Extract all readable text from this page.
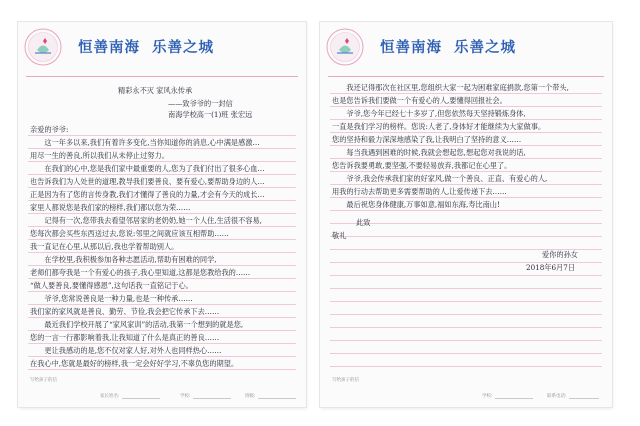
恒善南海 乐善之城
精彩永不灭 家风永传承
——致爷爷的一封信
南海学校高一(1)班 张宏远
亲爱的爷爷:
　　这一年多以来,我们有着许多变化,当你知道你的消息,心中满是感激…
用尽一生的善良,所以我们从未停止过努力。
　　在我们的心中,您是我们家中最重要的人,您为了我们付出了很多心血…
也告诉我们为人处世的道理,教导我们要善良、要有爱心,要帮助身边的人…
正是因为有了您的言传身教,我们才懂得了善良的力量,才会有今天的成长…
家里人都说您是我们家的榜样,我们都以您为荣……
　　记得有一次,您带我去看望邻居家的老奶奶,她一个人住,生活很不容易,
您每次都会买些东西送过去,您说:邻里之间就应该互相帮助……
我一直记在心里,从那以后,我也学着帮助别人。
　　在学校里,我积极参加各种志愿活动,帮助有困难的同学,
老师们都夸我是一个有爱心的孩子,我心里知道,这都是您教给我的……
“做人要善良,要懂得感恩”,这句话我一直铭记于心。
　　爷爷,您常说善良是一种力量,也是一种传承……
我们家的家风就是善良、勤劳、节俭,我会把它传承下去……
　　最近我们学校开展了“家风家训”的活动,我第一个想到的就是您,
您的一言一行都影响着我,让我知道了什么是真正的善良……
　　更让我感动的是,您不仅对家人好,对外人也同样热心……
在我心中,您就是最好的榜样,我一定会好好学习,不辜负您的期望。
写给孩子的信
家长姓名:	学校:	班级:
恒善南海 乐善之城
　　我还记得那次在社区里,您组织大家一起为困难家庭捐款,您第一个带头,
也是您告诉我们要做一个有爱心的人,要懂得回报社会。
　　爷爷,您今年已经七十多岁了,但您依然每天坚持锻炼身体,
一直是我们学习的榜样。您说:人老了,身体好才能继续为大家做事。
您的坚持和毅力深深地感染了我,让我明白了坚持的意义……
　　每当我遇到困难的时候,我就会想起您,想起您对我说的话,
您告诉我要勇敢,要坚强,不要轻易放弃,我都记在心里了。
　　爷爷,我会传承我们家的好家风,做一个善良、正直、有爱心的人,
用我的行动去帮助更多需要帮助的人,让爱传递下去……
　　最后祝您身体健康,万事如意,福如东海,寿比南山!
此致
敬礼
爱你的孙女
2018年6月7日
写给孩子的信
学校:	联系电话:
